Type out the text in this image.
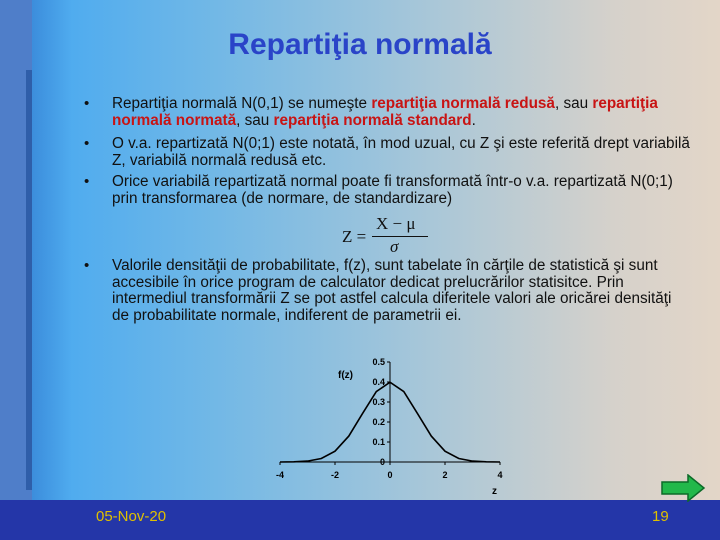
Repartiţia normală
• Repartiţia normală N(0,1) se numeşte repartiţia normală redusă, sau repartiţia normală normată, sau repartiţia normală standard.
• O v.a. repartizată N(0;1) este notată, în mod uzual, cu Z şi este referită drept variabilă Z, variabilă normală redusă etc.
• Orice variabilă repartizată normal poate fi transformată într‑o v.a. repartizată N(0;1) prin transformarea (de normare, de standardizare)
• Valorile densităţii de probabilitate, f(z), sunt tabelate în cărţile de statistică şi sunt accesibile în orice program de calculator dedicat prelucrărilor statisitce. Prin intermediul transformării Z se pot astfel calcula diferitele valori ale oricărei densităţi de probabilitate normale, indiferent de parametrii ei.
Z =
X − μ
σ
-4	-2	0	2	4
0
0.1
0.2
0.3
0.4
0.5
f(z)
z
05-Nov-20	19
